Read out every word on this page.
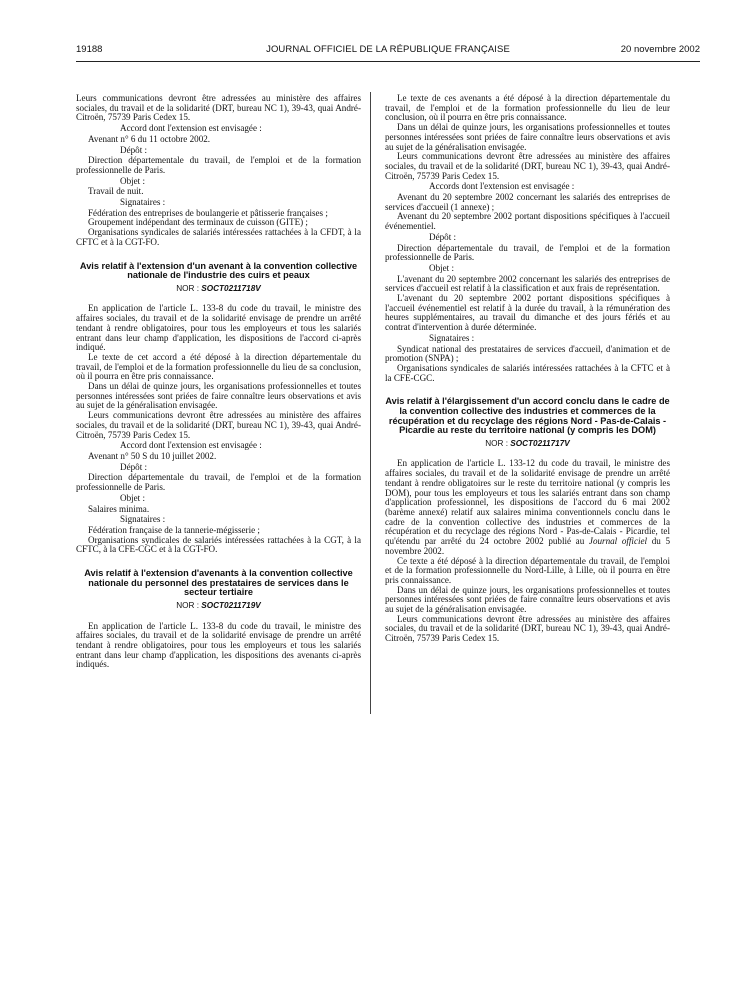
19188	JOURNAL OFFICIEL DE LA RÉPUBLIQUE FRANÇAISE	20 novembre 2002

Leurs communications devront être adressées au ministère des affaires sociales, du travail et de la solidarité (DRT, bureau NC 1), 39-43, quai André-Citroën, 75739 Paris Cedex 15.

Accord dont l'extension est envisagée :

Avenant n° 6 du 11 octobre 2002.

Dépôt :

Direction départementale du travail, de l'emploi et de la formation professionnelle de Paris.

Objet :

Travail de nuit.

Signataires :

Fédération des entreprises de boulangerie et pâtisserie françaises ;

Groupement indépendant des terminaux de cuisson (GITE) ;

Organisations syndicales de salariés intéressées rattachées à la CFDT, à la CFTC et à la CGT-FO.

Avis relatif à l'extension d'un avenant à la convention collective nationale de l'industrie des cuirs et peaux

NOR : SOCT0211718V

En application de l'article L. 133-8 du code du travail, le ministre des affaires sociales, du travail et de la solidarité envisage de prendre un arrêté tendant à rendre obligatoires, pour tous les employeurs et tous les salariés entrant dans leur champ d'application, les dispositions de l'accord ci-après indiqué.

Le texte de cet accord a été déposé à la direction départementale du travail, de l'emploi et de la formation professionnelle du lieu de sa conclusion, où il pourra en être pris connaissance.

Dans un délai de quinze jours, les organisations professionnelles et toutes personnes intéressées sont priées de faire connaître leurs observations et avis au sujet de la généralisation envisagée.

Leurs communications devront être adressées au ministère des affaires sociales, du travail et de la solidarité (DRT, bureau NC 1), 39-43, quai André-Citroën, 75739 Paris Cedex 15.

Accord dont l'extension est envisagée :

Avenant n° 50 S du 10 juillet 2002.

Dépôt :

Direction départementale du travail, de l'emploi et de la formation professionnelle de Paris.

Objet :

Salaires minima.

Signataires :

Fédération française de la tannerie-mégisserie ;

Organisations syndicales de salariés intéressées rattachées à la CGT, à la CFTC, à la CFE-CGC et à la CGT-FO.

Avis relatif à l'extension d'avenants à la convention collective nationale du personnel des prestataires de services dans le secteur tertiaire

NOR : SOCT0211719V

En application de l'article L. 133-8 du code du travail, le ministre des affaires sociales, du travail et de la solidarité envisage de prendre un arrêté tendant à rendre obligatoires, pour tous les employeurs et tous les salariés entrant dans leur champ d'application, les dispositions des avenants ci-après indiqués.

Le texte de ces avenants a été déposé à la direction départementale du travail, de l'emploi et de la formation professionnelle du lieu de leur conclusion, où il pourra en être pris connaissance.

Dans un délai de quinze jours, les organisations professionnelles et toutes personnes intéressées sont priées de faire connaître leurs observations et avis au sujet de la généralisation envisagée.

Leurs communications devront être adressées au ministère des affaires sociales, du travail et de la solidarité (DRT, bureau NC 1), 39-43, quai André-Citroën, 75739 Paris Cedex 15.

Accords dont l'extension est envisagée :

Avenant du 20 septembre 2002 concernant les salariés des entreprises de services d'accueil (1 annexe) ;

Avenant du 20 septembre 2002 portant dispositions spécifiques à l'accueil événementiel.

Dépôt :

Direction départementale du travail, de l'emploi et de la formation professionnelle de Paris.

Objet :

L'avenant du 20 septembre 2002 concernant les salariés des entreprises de services d'accueil est relatif à la classification et aux frais de représentation.

L'avenant du 20 septembre 2002 portant dispositions spécifiques à l'accueil événementiel est relatif à la durée du travail, à la rémunération des heures supplémentaires, au travail du dimanche et des jours fériés et au contrat d'intervention à durée déterminée.

Signataires :

Syndicat national des prestataires de services d'accueil, d'animation et de promotion (SNPA) ;

Organisations syndicales de salariés intéressées rattachées à la CFTC et à la CFE-CGC.

Avis relatif à l'élargissement d'un accord conclu dans le cadre de la convention collective des industries et commerces de la récupération et du recyclage des régions Nord - Pas-de-Calais - Picardie au reste du territoire national (y compris les DOM)

NOR : SOCT0211717V

En application de l'article L. 133-12 du code du travail, le ministre des affaires sociales, du travail et de la solidarité envisage de prendre un arrêté tendant à rendre obligatoires sur le reste du territoire national (y compris les DOM), pour tous les employeurs et tous les salariés entrant dans son champ d'application professionnel, les dispositions de l'accord du 6 mai 2002 (barème annexé) relatif aux salaires minima conventionnels conclu dans le cadre de la convention collective des industries et commerces de la récupération et du recyclage des régions Nord - Pas-de-Calais - Picardie, tel qu'étendu par arrêté du 24 octobre 2002 publié au Journal officiel du 5 novembre 2002.

Ce texte a été déposé à la direction départementale du travail, de l'emploi et de la formation professionnelle du Nord-Lille, à Lille, où il pourra en être pris connaissance.

Dans un délai de quinze jours, les organisations professionnelles et toutes personnes intéressées sont priées de faire connaître leurs observations et avis au sujet de la généralisation envisagée.

Leurs communications devront être adressées au ministère des affaires sociales, du travail et de la solidarité (DRT, bureau NC 1), 39-43, quai André-Citroën, 75739 Paris Cedex 15.
